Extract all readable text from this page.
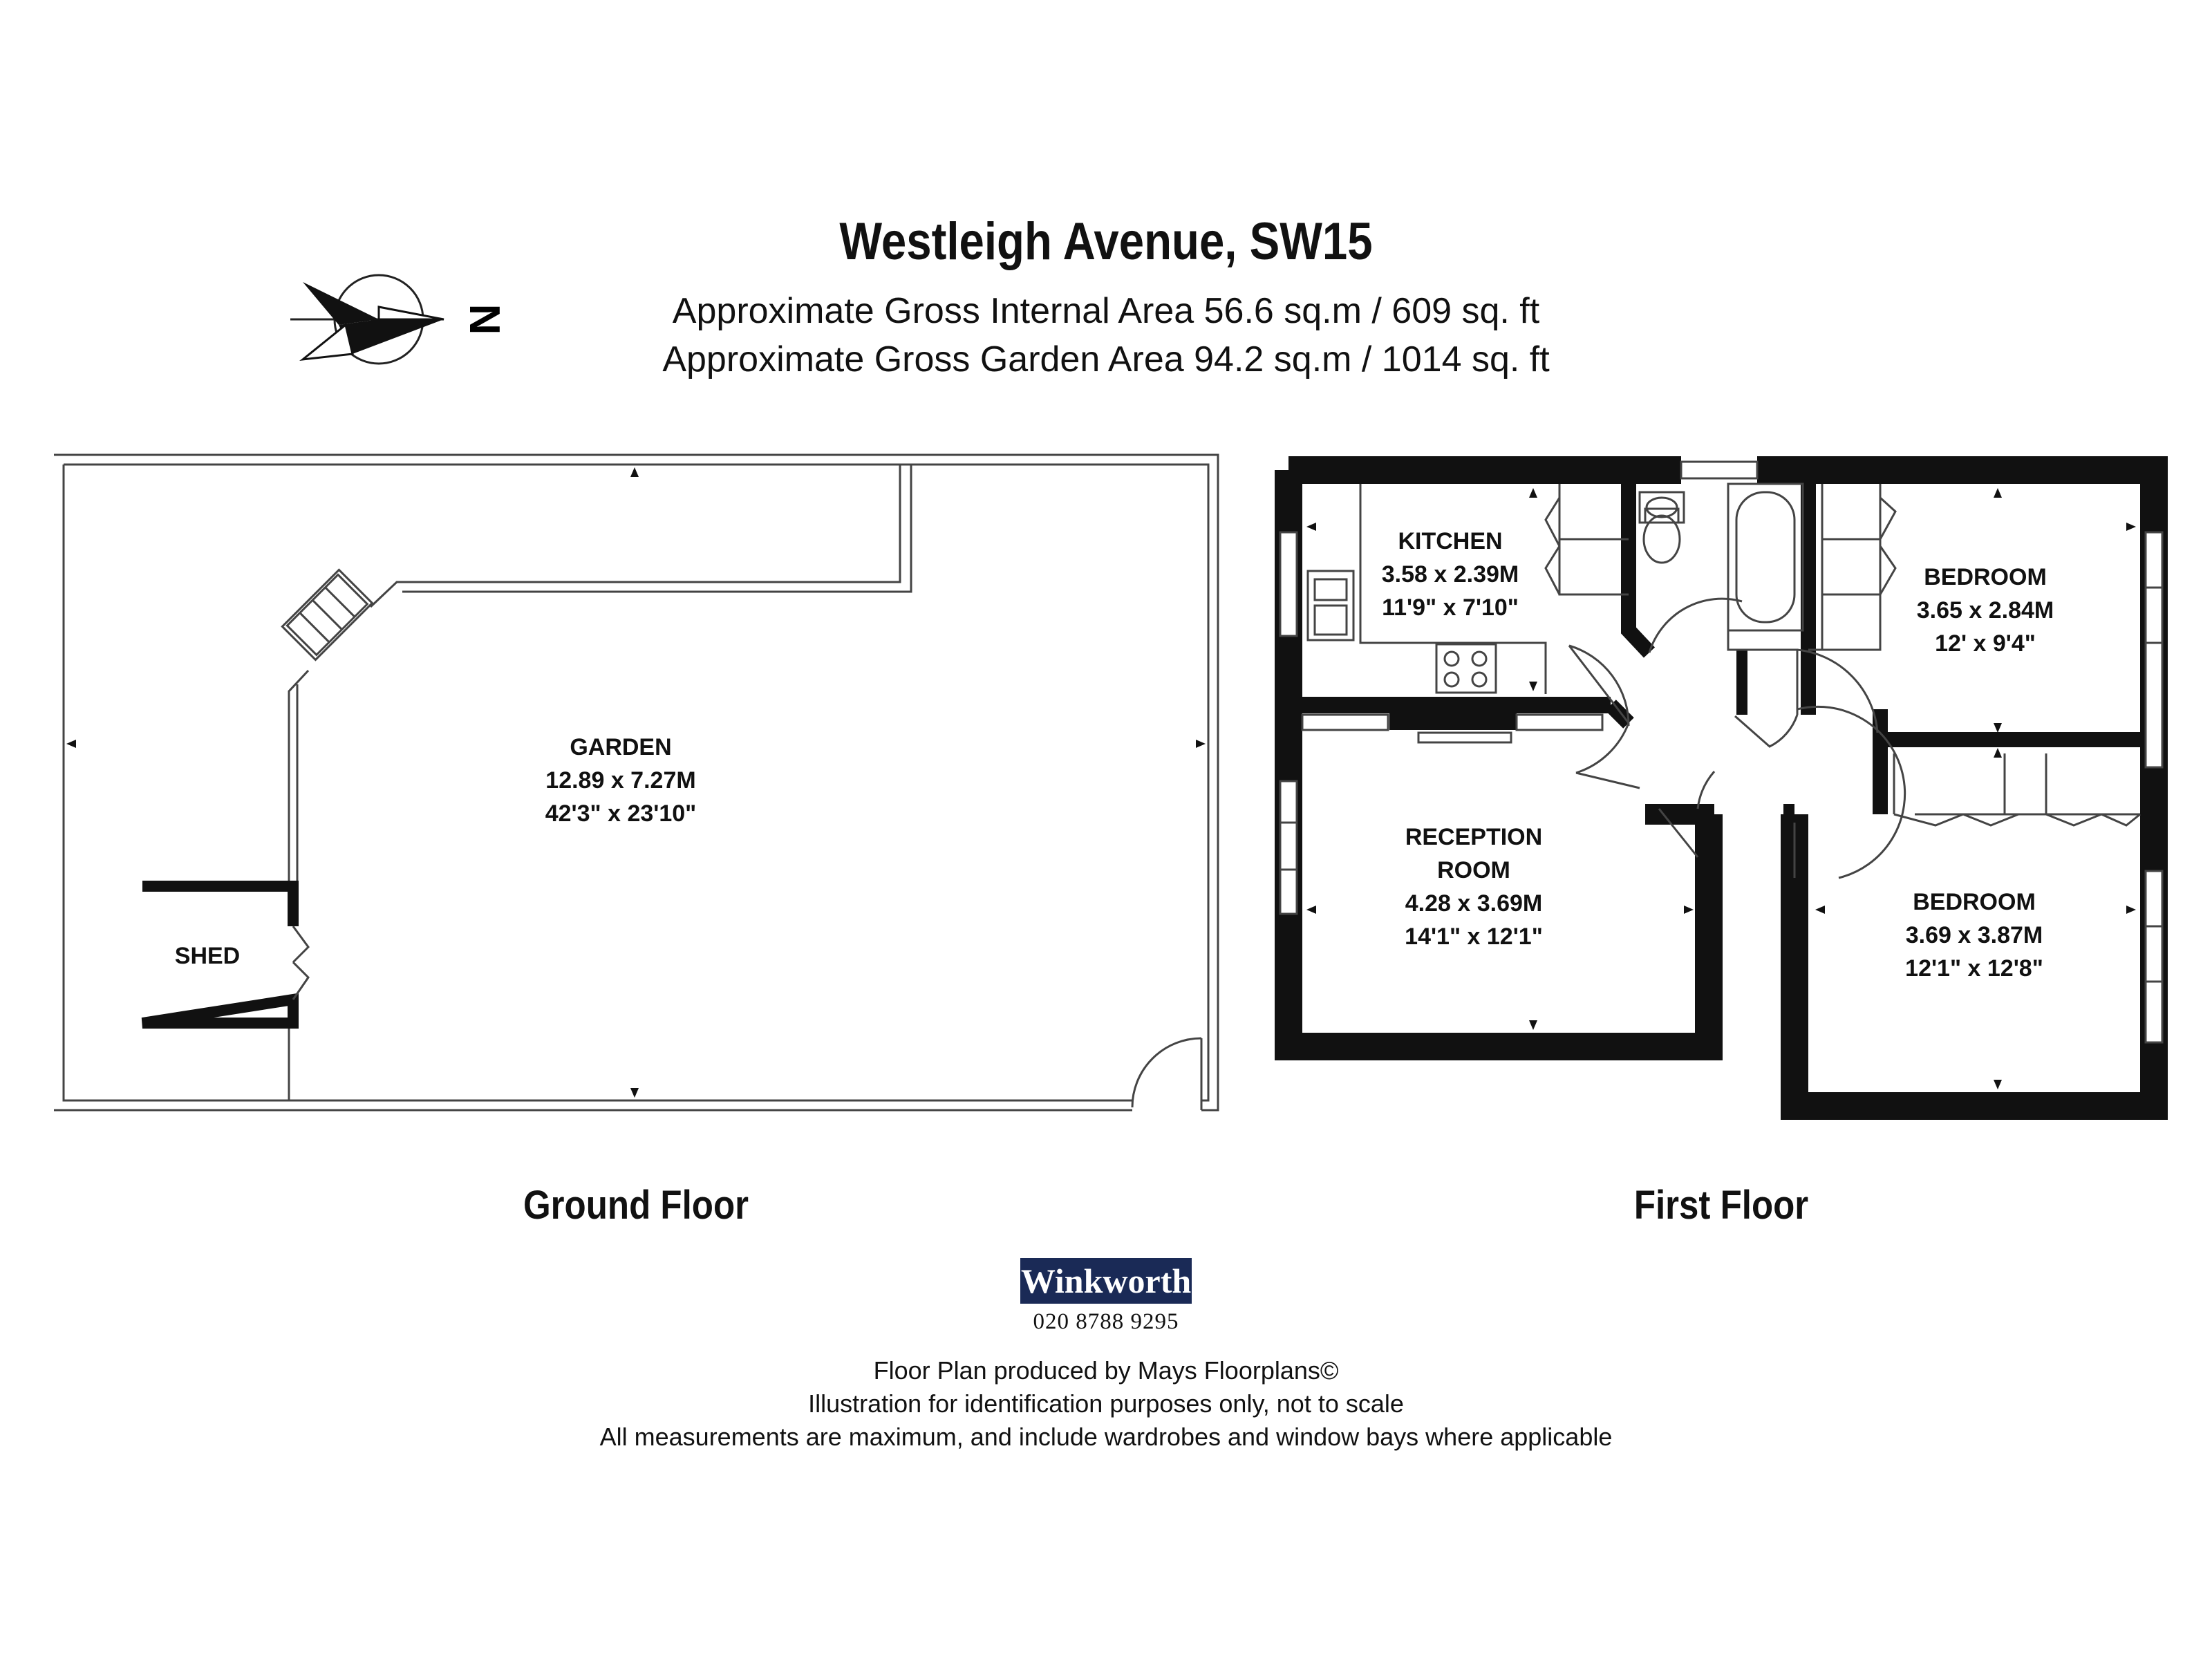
Westleigh Avenue, SW15
Approximate Gross Internal Area 56.6 sq.m / 609 sq. ft
Approximate Gross Garden Area 94.2 sq.m / 1014 sq. ft
N
GARDEN
12.89 x 7.27M
42'3" x 23'10"
SHED
KITCHEN
3.58 x 2.39M
11'9" x 7'10"
RECEPTION
ROOM
4.28 x 3.69M
14'1" x 12'1"
BEDROOM
3.65 x 2.84M
12' x 9'4"
BEDROOM
3.69 x 3.87M
12'1" x 12'8"
Ground Floor	First Floor
Winkworth
020 8788 9295
Floor Plan produced by Mays Floorplans©
Illustration for identification purposes only, not to scale
All measurements are maximum, and include wardrobes and window bays where applicable
